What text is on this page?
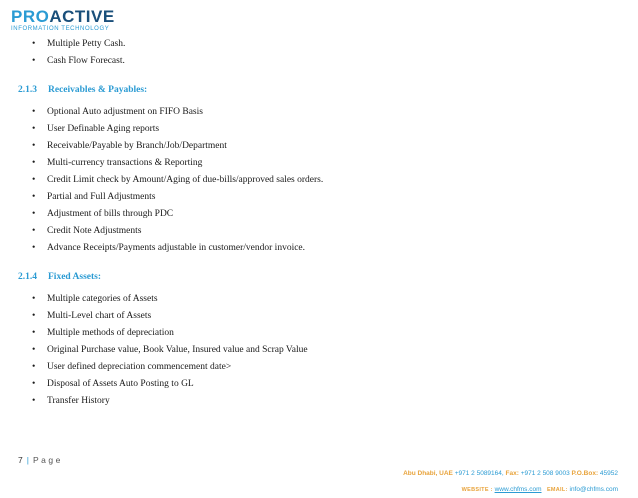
PROACTIVE
INFORMATION TECHNOLOGY
• Multiple Petty Cash.
• Cash Flow Forecast.
2.1.3 Receivables & Payables:
• Optional Auto adjustment on FIFO Basis
• User Definable Aging reports
• Receivable/Payable by Branch/Job/Department
• Multi-currency transactions & Reporting
• Credit Limit check by Amount/Aging of due-bills/approved sales orders.
• Partial and Full Adjustments
• Adjustment of bills through PDC
• Credit Note Adjustments
• Advance Receipts/Payments adjustable in customer/vendor invoice.
2.1.4 Fixed Assets:
• Multiple categories of Assets
• Multi-Level chart of Assets
• Multiple methods of depreciation
• Original Purchase value, Book Value, Insured value and Scrap Value
• User defined depreciation commencement date>
• Disposal of Assets Auto Posting to GL
• Transfer History
7 | Page
Abu Dhabi, UAE +971 2 5089164, Fax: +971 2 508 9003 P.O.Box: 45952
WEBSITE : www.chfms.com EMAIL: info@chfms.com
